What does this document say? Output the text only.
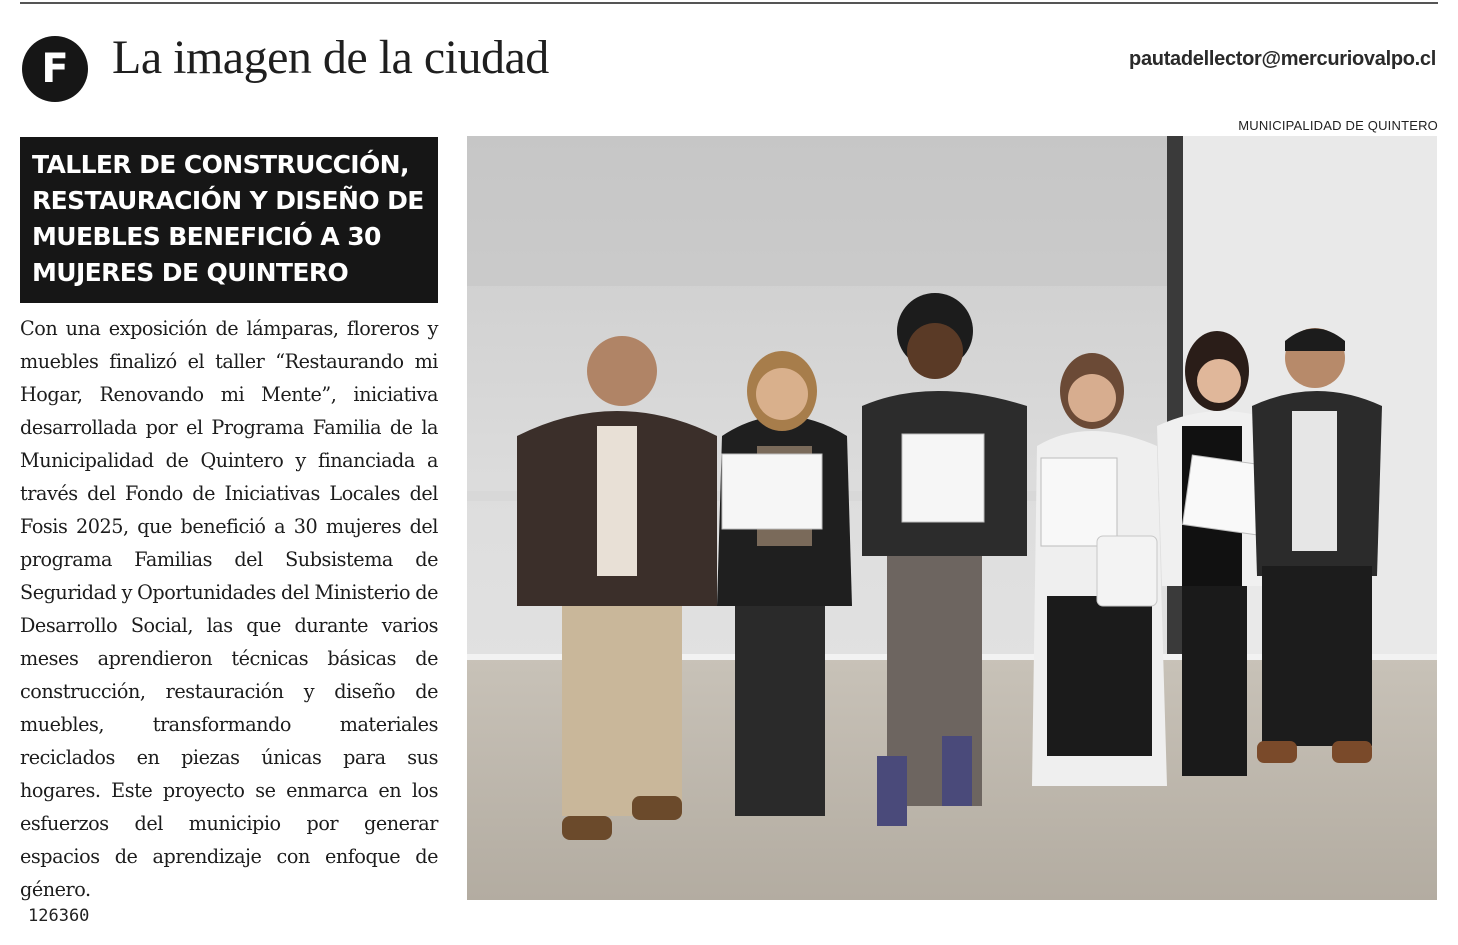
F La imagen de la ciudad	pautadellector@mercuriovalpo.cl
TALLER DE CONSTRUCCIÓN, RESTAURACIÓN Y DISEÑO DE MUEBLES BENEFICIÓ A 30 MUJERES DE QUINTERO

Con una exposición de lámparas, floreros y muebles finalizó el taller “Restaurando mi Hogar, Renovando mi Mente”, iniciativa desarrollada por el Programa Familia de la Municipalidad de Quintero y financiada a través del Fondo de Iniciativas Locales del Fosis 2025, que benefició a 30 mujeres del programa Familias del Subsistema de Seguridad y Oportunidades del Ministerio de Desarrollo Social, las que durante varios meses aprendieron técnicas básicas de construcción, restauración y diseño de muebles, transformando materiales reciclados en piezas únicas para sus hogares. Este proyecto se enmarca en los esfuerzos del municipio por generar espacios de aprendizaje con enfoque de género.

126360
MUNICIPALIDAD DE QUINTERO
